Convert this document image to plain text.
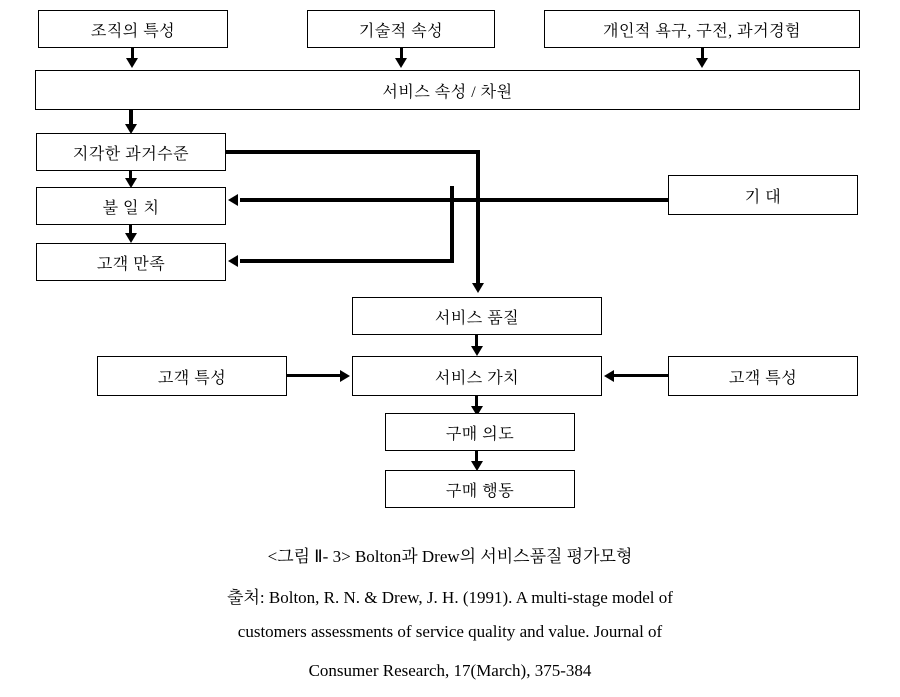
조직의 특성	기술적 속성	개인적 욕구, 구전, 과거경험
서비스 속성 / 차원
지각한 과거수준
불 일 치
고객 만족
기 대
서비스 품질
고객 특성	서비스 가치	고객 특성
구매 의도
구매 행동
<그림 Ⅱ- 3> Bolton과 Drew의 서비스품질 평가모형
출처: Bolton, R. N. & Drew, J. H. (1991). A multi-stage model of
customers assessments of service quality and value. Journal of
Consumer Research, 17(March), 375-384
